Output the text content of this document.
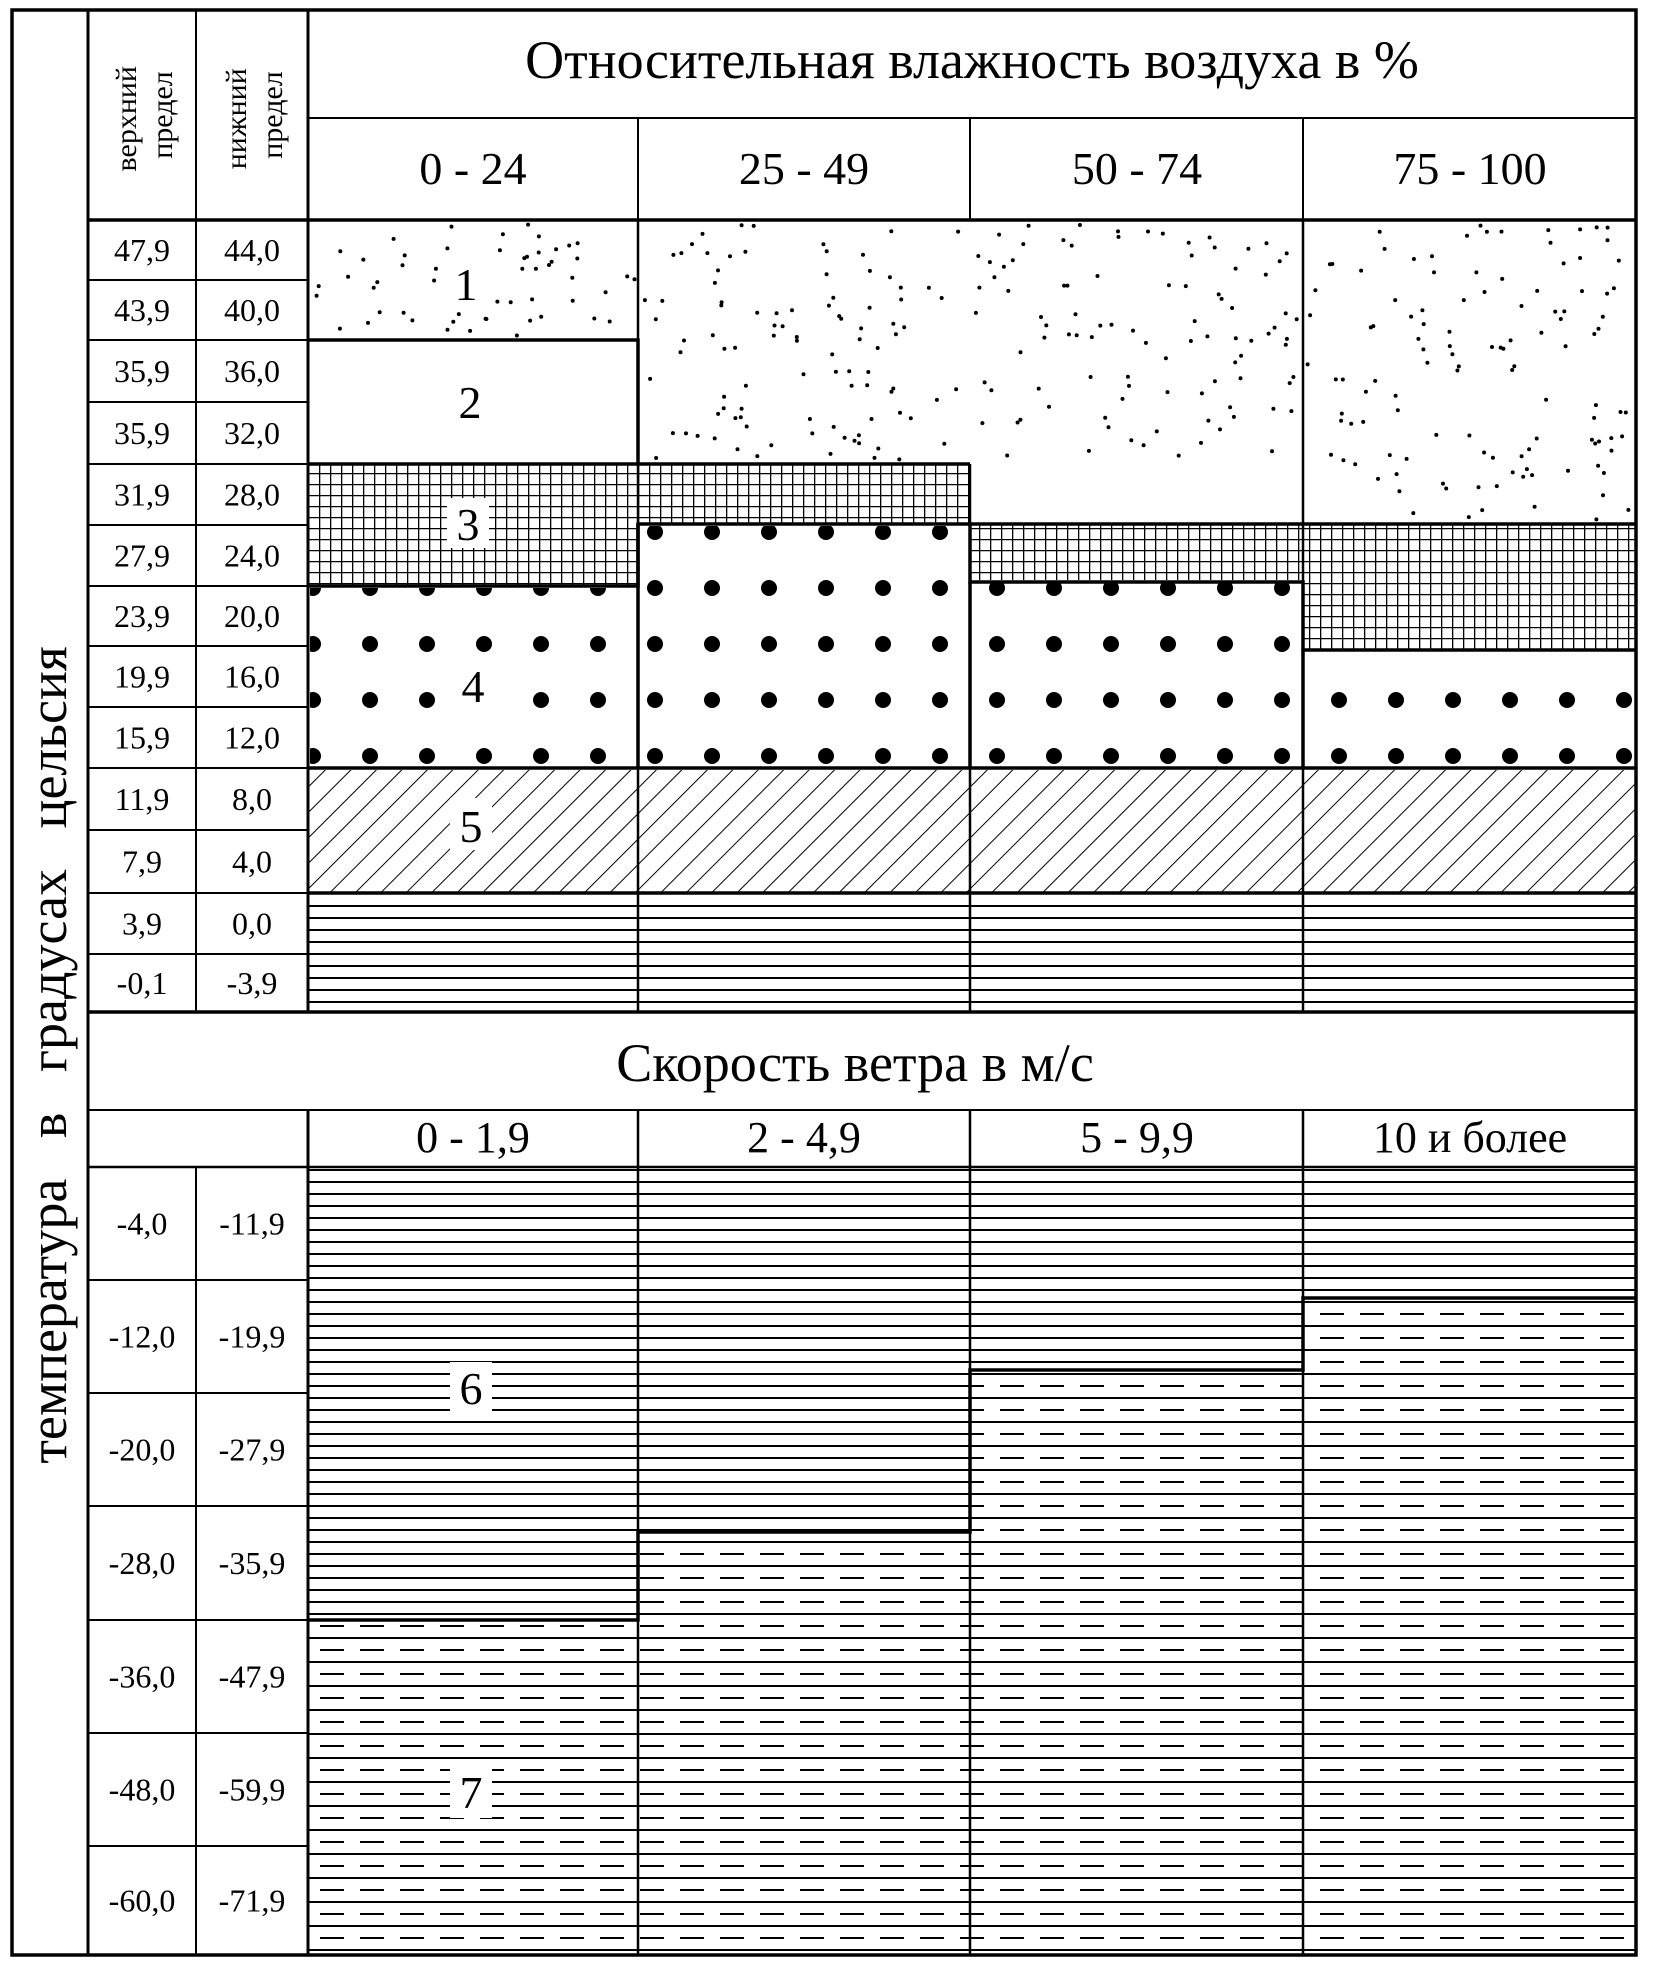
1
2
3
4
5
6
7
Относительная влажность воздуха в %
0 - 24	25 - 49	50 - 74	75 - 100
Скорость ветра в м/с
0 - 1,9	2 - 4,9	5 - 9,9	10 и более
верхний предел нижний предел
температура   в   градусах   цельсия
47,9 44,0
43,9 40,0
35,9 36,0
35,9 32,0
31,9 28,0
27,9 24,0
23,9 20,0
19,9 16,0
15,9 12,0
11,9 8,0
7,9 4,0
3,9 0,0
-0,1 -3,9
-4,0 -11,9
-12,0 -19,9
-20,0 -27,9
-28,0 -35,9
-36,0 -47,9
-48,0 -59,9
-60,0 -71,9
